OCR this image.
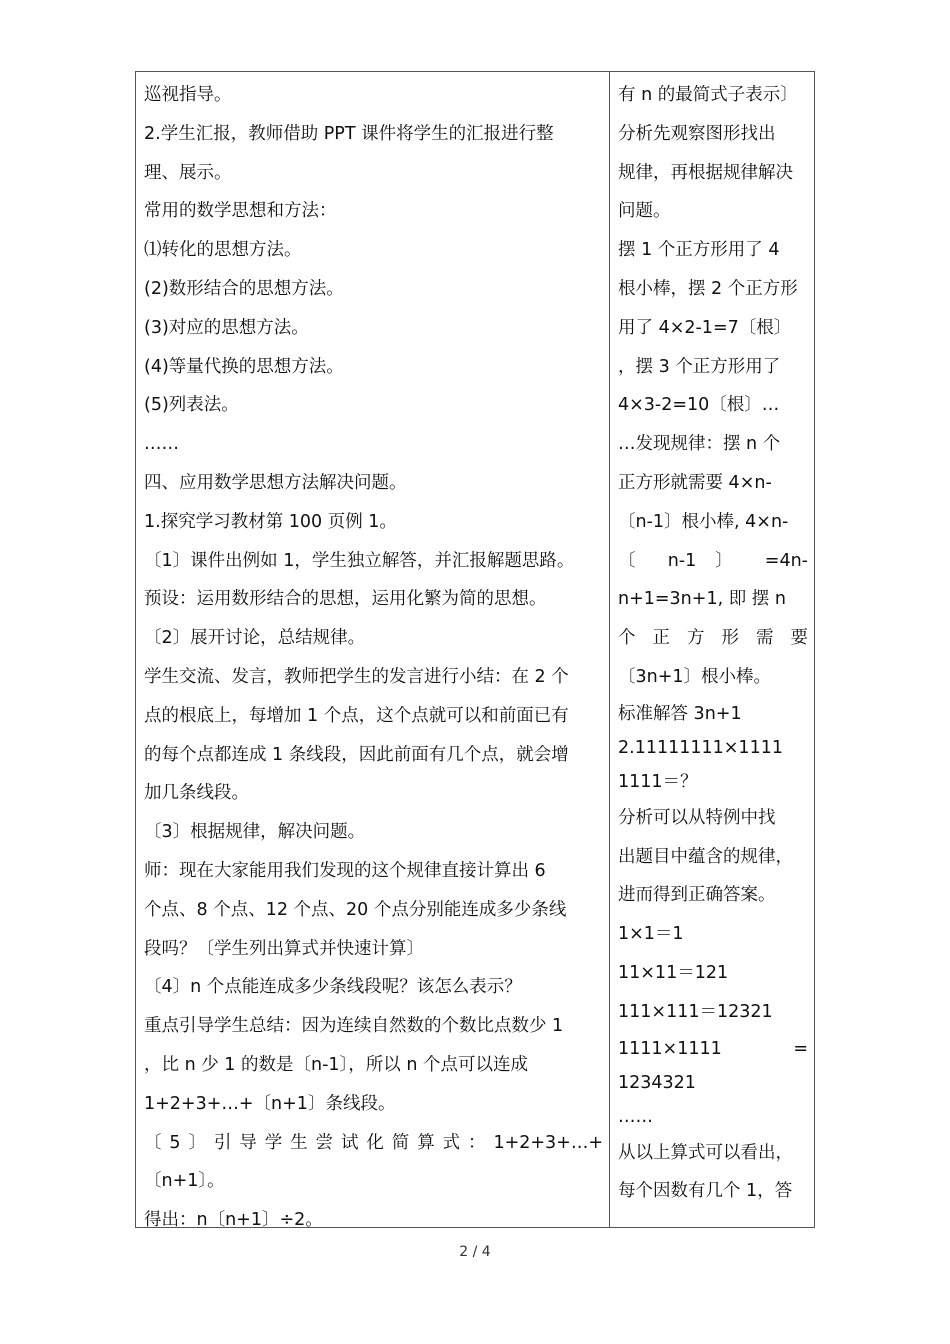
巡视指导。
2.学生汇报，教师借助 PPT 课件将学生的汇报进行整
理、展示。
常用的数学思想和方法：
⑴转化的思想方法。
(2)数形结合的思想方法。
(3)对应的思想方法。
(4)等量代换的思想方法。
(5)列表法。
……
四、应用数学思想方法解决问题。
1.探究学习教材第 100 页例 1。
〔1〕课件出例如 1，学生独立解答，并汇报解题思路。
预设：运用数形结合的思想，运用化繁为简的思想。
〔2〕展开讨论，总结规律。
学生交流、发言，教师把学生的发言进行小结：在 2 个
点的根底上，每增加 1 个点，这个点就可以和前面已有
的每个点都连成 1 条线段，因此前面有几个点，就会增
加几条线段。
〔3〕根据规律，解决问题。
师：现在大家能用我们发现的这个规律直接计算出 6
个点、8 个点、12 个点、20 个点分别能连成多少条线
段吗？〔学生列出算式并快速计算〕
〔4〕n 个点能连成多少条线段呢？该怎么表示？
重点引导学生总结：因为连续自然数的个数比点数少 1
，比 n 少 1 的数是〔n-1〕，所以 n 个点可以连成
1+2+3+…+〔n+1〕条线段。
〔5〕引导学生尝试化简算式：1+2+3+…+
〔n+1〕。
得出：n〔n+1〕÷2。
有 n 的最简式子表示〕
分析先观察图形找出
规律，再根据规律解决
问题。
摆 1 个正方形用了 4
根小棒，摆 2 个正方形
用了 4×2-1=7〔根〕
，摆 3 个正方形用了
4×3-2=10〔根〕…
…发现规律：摆 n 个
正方形就需要 4×n-
〔n-1〕根小棒, 4×n-
〔 n-1 〕 =4n-
n+1=3n+1, 即 摆 n
个 正 方 形 需 要
〔3n+1〕根小棒。
标准解答 3n+1
2.11111111×1111
1111＝？
分析可以从特例中找
出题目中蕴含的规律，
进而得到正确答案。
1×1＝1
11×11＝121
111×111＝12321
1111×1111 =
1234321
……
从以上算式可以看出，
每个因数有几个 1，答
2 / 4
